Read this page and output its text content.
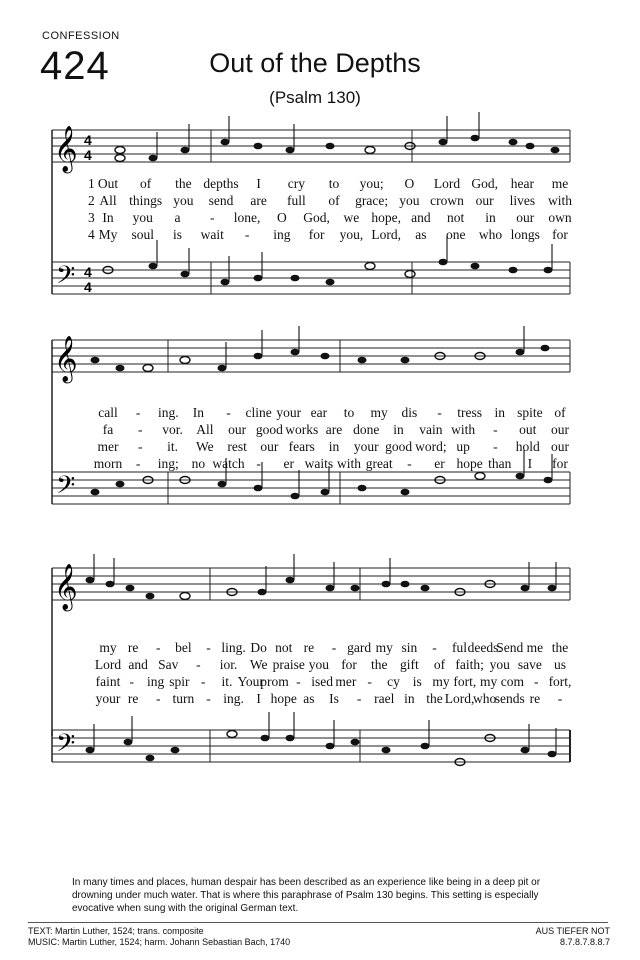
CONFESSION
424	Out of the Depths
(Psalm 130)
𝄞
𝄢
4
4
4
4
1 Out of the depths I cry to you; O Lord God, hear me
2 All things you send are full of grace; you crown our lives with
3 In you a - lone, O God, we hope, and not in our own
4 My soul is wait - ing for you, Lord, as one who longs for
𝄞
𝄢
call - ing. In - cline your ear to my dis - tress in spite of
fa - vor. All our good works are done in vain with - out our
mer - it. We rest our fears in your good word; up - hold our
morn - ing; no watch - er waits with great - er hope than I for
𝄞
my re - bel - ling. Do not re - gard my sin - ful deeds.
Send me the
Lord and Sav - ior. We praise you for the gift of faith; you save us
faint - ing spir - it. Your
prom - ised mer - cy is my fort, my com - fort,
your re - turn - ing. I hope as Is - rael in the Lord,
who
sends re -
𝄢
In many times and places, human despair has been described as an experience like being in a deep pit or drowning under much water. That is where this paraphrase of Psalm 130 begins. This setting is especially evocative when sung with the original German text.
TEXT: Martin Luther, 1524; trans. composite
MUSIC: Martin Luther, 1524; harm. Johann Sebastian Bach, 1740
AUS TIEFER NOT
8.7.8.7.8.8.7
